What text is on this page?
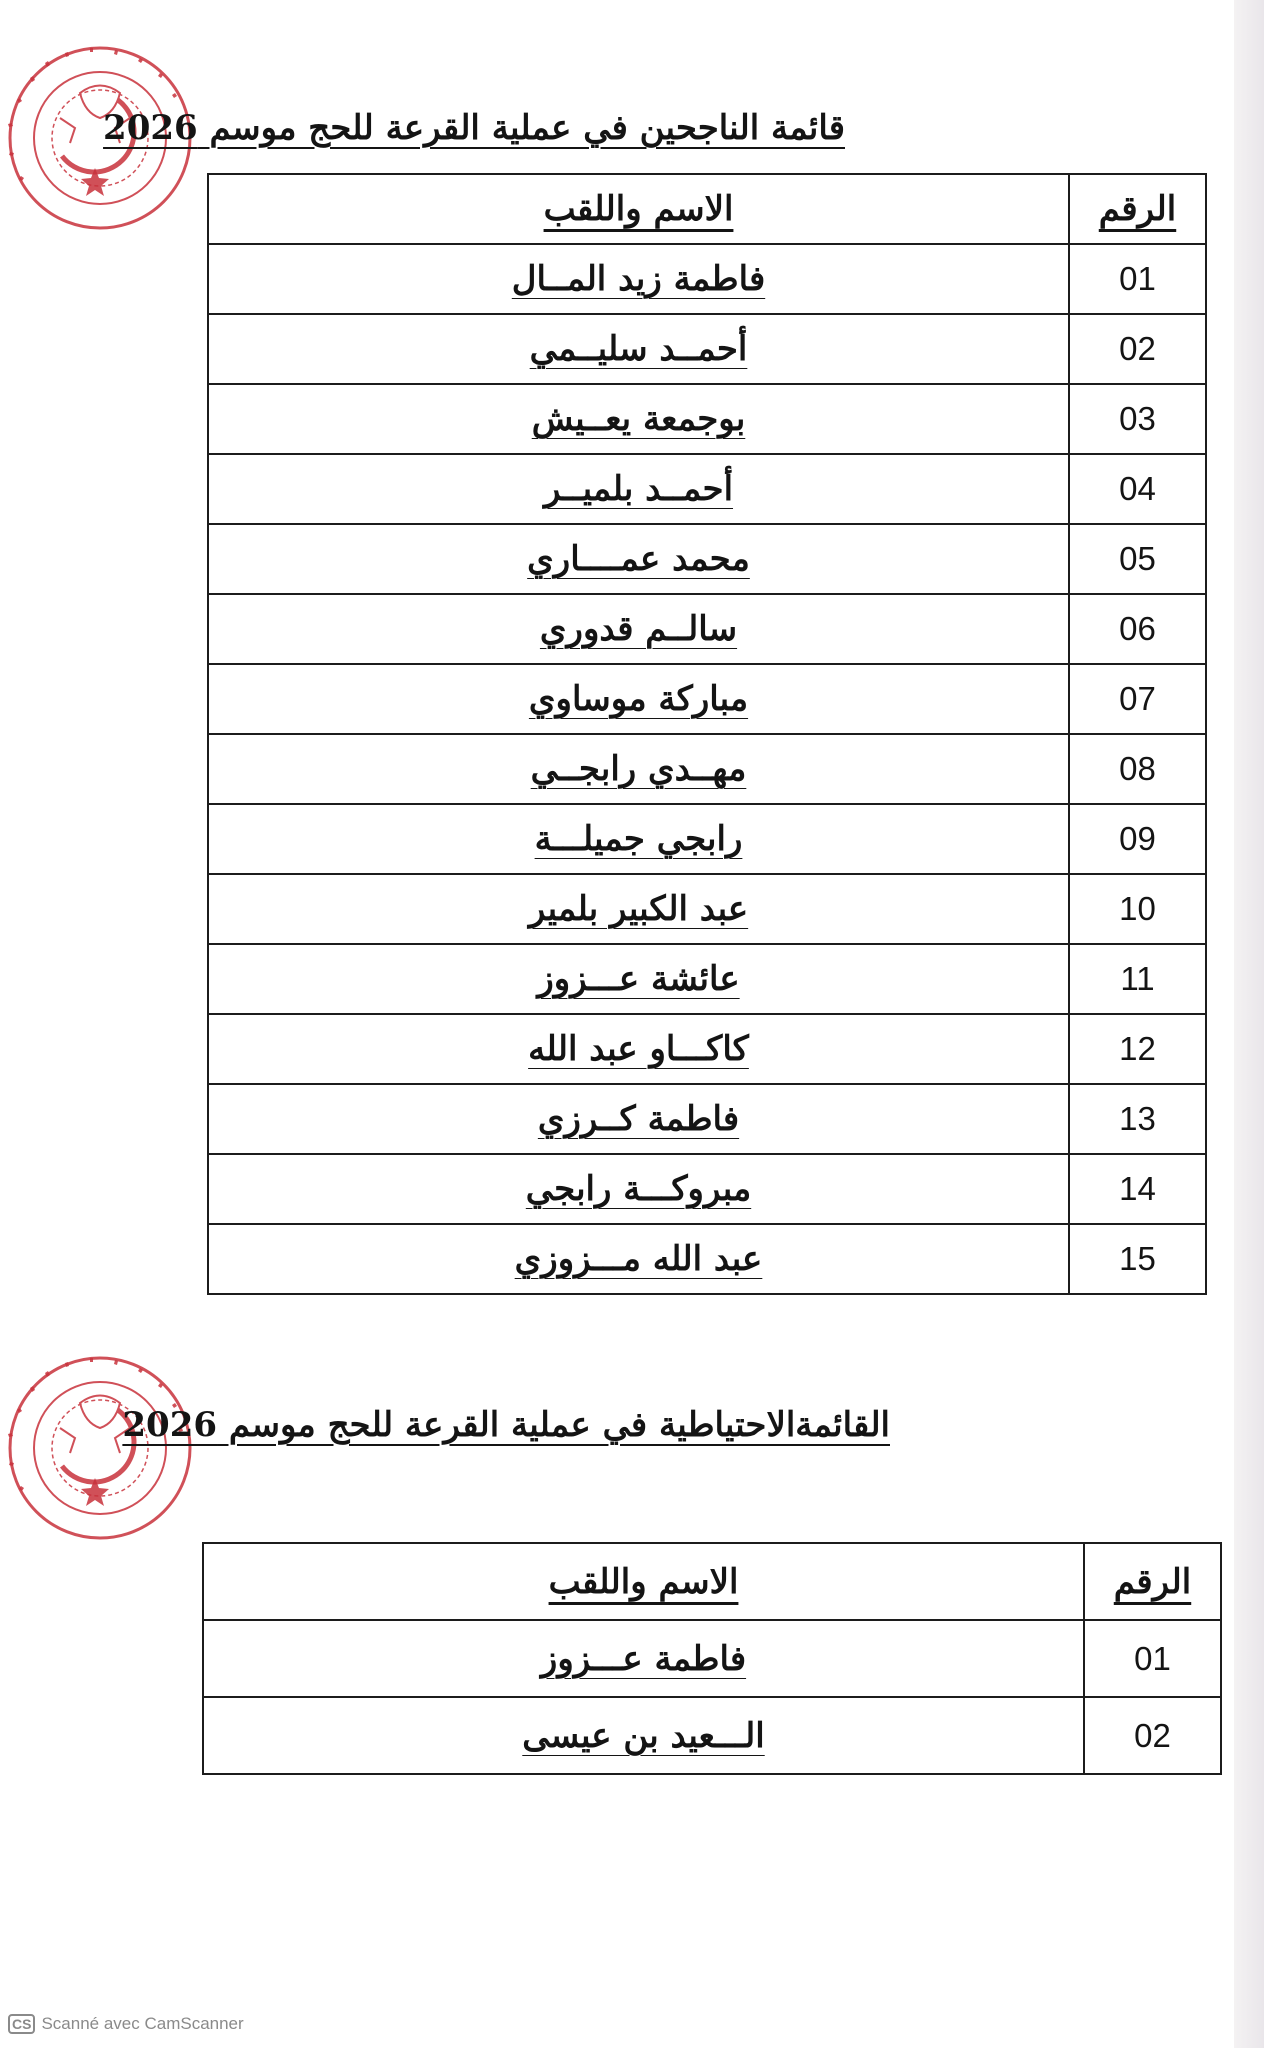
قائمة الناجحين في عملية القرعة للحج موسم 2026
الرقم	الاسم واللقب
01	فاطمة زيد المــال
02	أحمــد سليــمي
03	بوجمعة يعــيش
04	أحمــد بلميــر
05	محمد عمــــاري
06	سالــم قدوري
07	مباركة موساوي
08	مهــدي رابجــي
09	رابجي جميلـــة
10	عبد الكبير بلمير
11	عائشة عـــزوز
12	كاكـــاو عبد الله
13	فاطمة كــرزي
14	مبروكـــة رابجي
15	عبد الله مـــزوزي
القائمةالاحتياطية في عملية القرعة للحج موسم 2026
الرقم	الاسم واللقب
01	فاطمة عـــزوز
02	الـــعيد بن عيسى
CS Scanné avec CamScanner
